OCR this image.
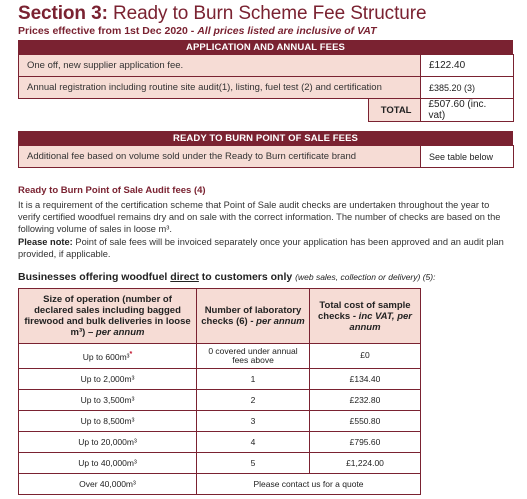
Section 3: Ready to Burn Scheme Fee Structure
Prices effective from 1st Dec 2020 - All prices listed are inclusive of VAT
APPLICATION AND ANNUAL FEES
One off, new supplier application fee.	£122.40
Annual registration including routine site audit(1), listing, fuel test (2) and certification	£385.20 (3)
	TOTAL	£507.60 (inc. vat)
READY TO BURN POINT OF SALE FEES
Additional fee based on volume sold under the Ready to Burn certificate brand	See table below
Ready to Burn Point of Sale Audit fees (4)

It is a requirement of the certification scheme that Point of Sale audit checks are undertaken throughout the year to verify certified woodfuel remains dry and on sale with the correct information. The number of checks are based on the following volume of sales in loose m³.

Please note: Point of sale fees will be invoiced separately once your application has been approved and an audit plan provided, if applicable.

Businesses offering woodfuel direct to customers only (web sales, collection or delivery) (5):
Size of operation (number of declared sales including bagged firewood and bulk deliveries in loose m³) – per annum	Number of laboratory checks (6) - per annum	Total cost of sample checks - inc VAT, per annum
Up to 600m³*	0 covered under annual fees above	£0
Up to 2,000m³	1	£134.40
Up to 3,500m³	2	£232.80
Up to 8,500m³	3	£550.80
Up to 20,000m³	4	£795.60
Up to 40,000m³	5	£1,224.00
Over 40,000m³	Please contact us for a quote	
